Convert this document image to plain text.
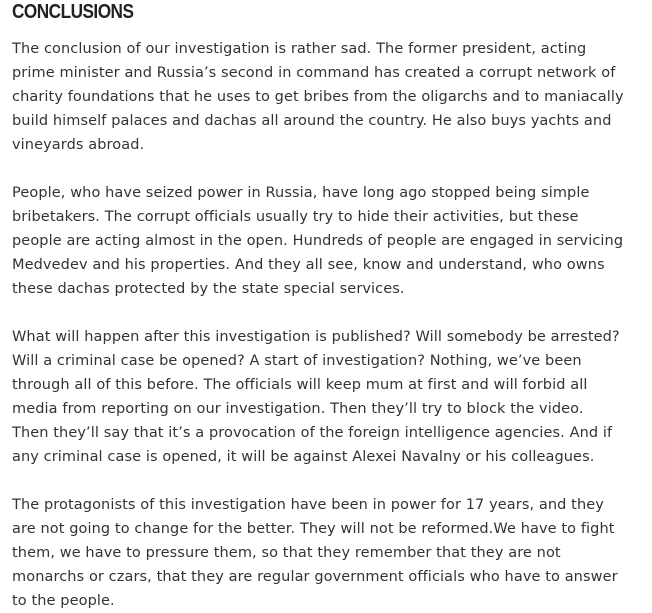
CONCLUSIONS

The conclusion of our investigation is rather sad. The former president, acting prime minister and Russia’s second in command has created a corrupt network of charity foundations that he uses to get bribes from the oligarchs and to maniacally build himself palaces and dachas all around the country. He also buys yachts and vineyards abroad.

People, who have seized power in Russia, have long ago stopped being simple bribetakers. The corrupt officials usually try to hide their activities, but these people are acting almost in the open. Hundreds of people are engaged in servicing Medvedev and his properties. And they all see, know and understand, who owns these dachas protected by the state special services.

What will happen after this investigation is published? Will somebody be arrested? Will a criminal case be opened? A start of investigation? Nothing, we’ve been through all of this before. The officials will keep mum at first and will forbid all media from reporting on our investigation. Then they’ll try to block the video. Then they’ll say that it’s a provocation of the foreign intelligence agencies. And if any criminal case is opened, it will be against Alexei Navalny or his colleagues.

The protagonists of this investigation have been in power for 17 years, and they are not going to change for the better. They will not be reformed.We have to fight them, we have to pressure them, so that they remember that they are not monarchs or czars, that they are regular government officials who have to answer to the people.
